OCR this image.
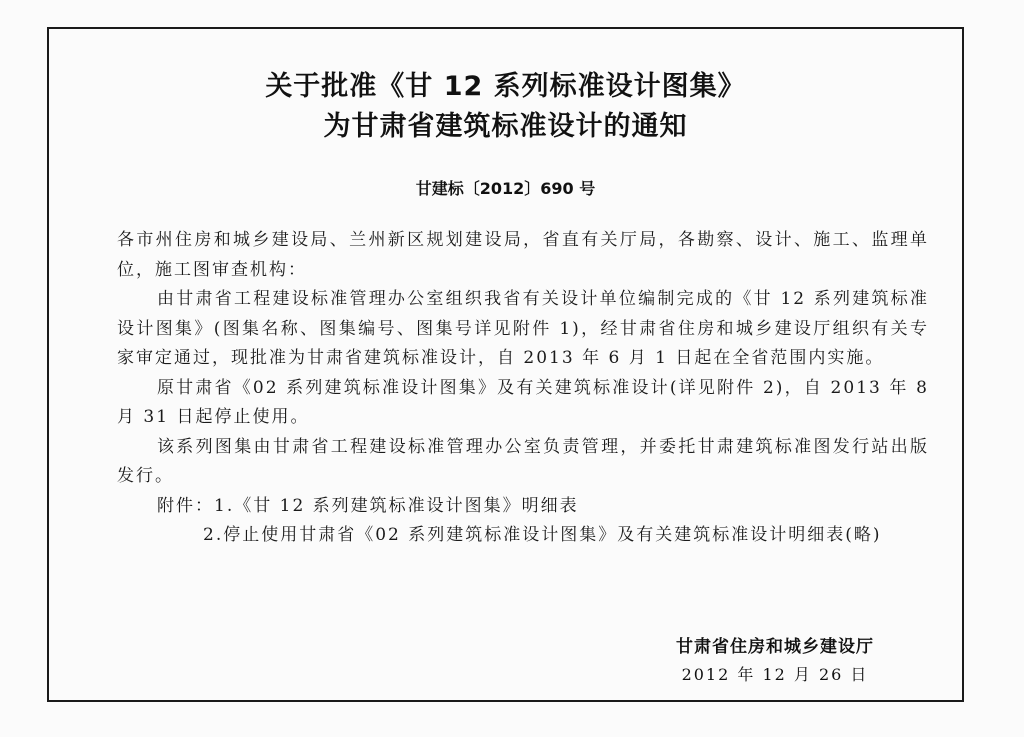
关于批准《甘 12 系列标准设计图集》
为甘肃省建筑标准设计的通知
甘建标〔2012〕690 号

各市州住房和城乡建设局、兰州新区规划建设局，省直有关厅局，各勘察、设计、施工、监理单位，施工图审查机构：

由甘肃省工程建设标准管理办公室组织我省有关设计单位编制完成的《甘 12 系列建筑标准设计图集》(图集名称、图集编号、图集号详见附件 1)，经甘肃省住房和城乡建设厅组织有关专家审定通过，现批准为甘肃省建筑标准设计，自 2013 年 6 月 1 日起在全省范围内实施。

原甘肃省《02 系列建筑标准设计图集》及有关建筑标准设计(详见附件 2)，自 2013 年 8 月 31 日起停止使用。

该系列图集由甘肃省工程建设标准管理办公室负责管理，并委托甘肃建筑标准图发行站出版发行。

附件：1.《甘 12 系列建筑标准设计图集》明细表

2.停止使用甘肃省《02 系列建筑标准设计图集》及有关建筑标准设计明细表(略)

甘肃省住房和城乡建设厅
2012 年 12 月 26 日
